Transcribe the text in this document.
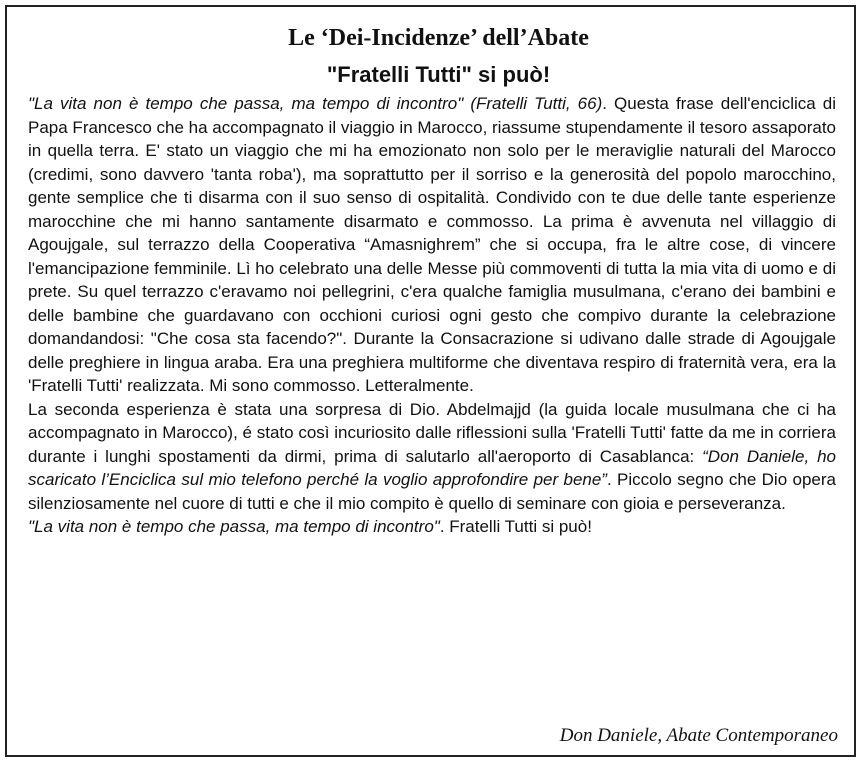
Le ‘Dei-Incidenze’ dell’Abate
"Fratelli Tutti" si può!

"La vita non è tempo che passa, ma tempo di incontro" (Fratelli Tutti, 66). Questa frase dell'enciclica di Papa Francesco che ha accompagnato il viaggio in Marocco, riassume stupendamente il tesoro assaporato in quella terra. E' stato un viaggio che mi ha emozionato non solo per le meraviglie naturali del Marocco (credimi, sono davvero 'tanta roba'), ma soprattutto per il sorriso e la generosità del popolo marocchino, gente semplice che ti disarma con il suo senso di ospitalità. Condivido con te due delle tante esperienze marocchine che mi hanno santamente disarmato e commosso. La prima è avvenuta nel villaggio di Agoujgale, sul terrazzo della Cooperativa “Amasnighrem” che si occupa, fra le altre cose, di vincere l'emancipazione femminile. Lì ho celebrato una delle Messe più commoventi di tutta la mia vita di uomo e di prete. Su quel terrazzo c'eravamo noi pellegrini, c'era qualche famiglia musulmana, c'erano dei bambini e delle bambine che guardavano con occhioni curiosi ogni gesto che compivo durante la celebrazione domandandosi: "Che cosa sta facendo?". Durante la Consacrazione si udivano dalle strade di Agoujgale delle preghiere in lingua araba. Era una preghiera multiforme che diventava respiro di fraternità vera, era la 'Fratelli Tutti' realizzata. Mi sono commosso. Letteralmente.

La seconda esperienza è stata una sorpresa di Dio. Abdelmajjd (la guida locale musulmana che ci ha accompagnato in Marocco), é stato così incuriosito dalle riflessioni sulla 'Fratelli Tutti' fatte da me in corriera durante i lunghi spostamenti da dirmi, prima di salutarlo all'aeroporto di Casablanca: “Don Daniele, ho scaricato l’Enciclica sul mio telefono perché la voglio approfondire per bene”. Piccolo segno che Dio opera silenziosamente nel cuore di tutti e che il mio compito è quello di seminare con gioia e perseveranza.

"La vita non è tempo che passa, ma tempo di incontro". Fratelli Tutti si può!

Don Daniele, Abate Contemporaneo
